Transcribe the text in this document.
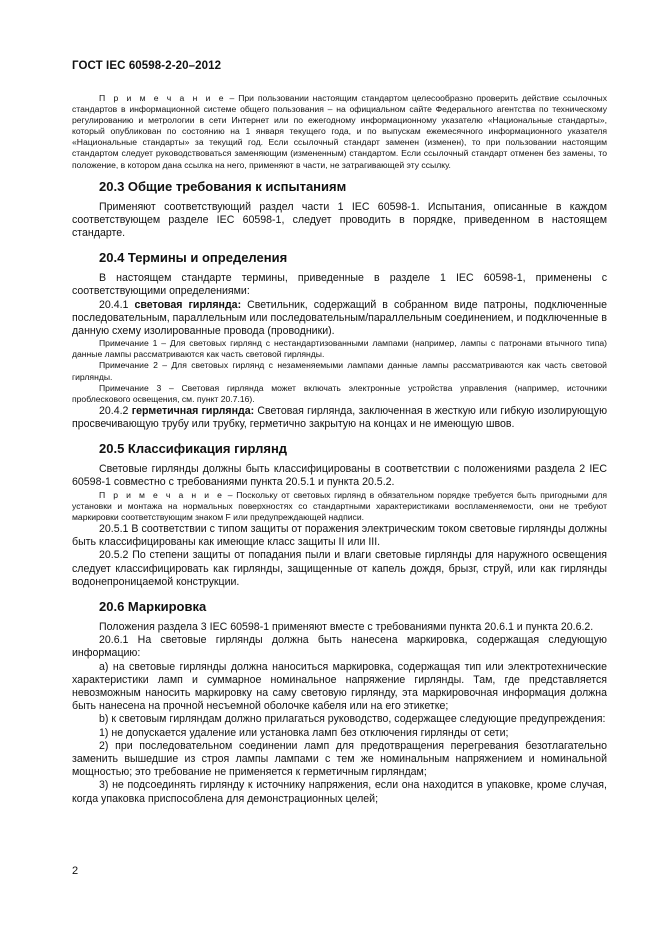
ГОСТ IEC 60598-2-20–2012

П р и м е ч а н и е – При пользовании настоящим стандартом целесообразно проверить действие ссылочных стандартов в информационной системе общего пользования – на официальном сайте Федерального агентства по техническому регулированию и метрологии в сети Интернет или по ежегодному информационному указателю «Национальные стандарты», который опубликован по состоянию на 1 января текущего года, и по выпускам ежемесячного информационного указателя «Национальные стандарты» за текущий год. Если ссылочный стандарт заменен (изменен), то при пользовании настоящим стандартом следует руководствоваться заменяющим (измененным) стандартом. Если ссылочный стандарт отменен без замены, то положение, в котором дана ссылка на него, применяют в части, не затрагивающей эту ссылку.

20.3 Общие требования к испытаниям

Применяют соответствующий раздел части 1 IEC 60598-1. Испытания, описанные в каждом соответствующем разделе IEC 60598-1, следует проводить в порядке, приведенном в настоящем стандарте.

20.4 Термины и определения

В настоящем стандарте термины, приведенные в разделе 1 IEC 60598-1, применены с соответствующими определениями:

20.4.1 световая гирлянда: Светильник, содержащий в собранном виде патроны, подключенные последовательным, параллельным или последовательным/параллельным соединением, и подключенные в данную схему изолированные провода (проводники).

Примечание 1 – Для световых гирлянд с нестандартизованными лампами (например, лампы с патронами втычного типа) данные лампы рассматриваются как часть световой гирлянды.

Примечание 2 – Для световых гирлянд с незаменяемыми лампами данные лампы рассматриваются как часть световой гирлянды.

Примечание 3 – Световая гирлянда может включать электронные устройства управления (например, источники проблескового освещения, см. пункт 20.7.16).

20.4.2 герметичная гирлянда: Световая гирлянда, заключенная в жесткую или гибкую изолирующую просвечивающую трубу или трубку, герметично закрытую на концах и не имеющую швов.

20.5 Классификация гирлянд

Световые гирлянды должны быть классифицированы в соответствии с положениями раздела 2 IEC 60598-1 совместно с требованиями пункта 20.5.1 и пункта 20.5.2.

П р и м е ч а н и е – Поскольку от световых гирлянд в обязательном порядке требуется быть пригодными для установки и монтажа на нормальных поверхностях со стандартными характеристиками воспламеняемости, они не требуют маркировки соответствующим знаком F или предупреждающей надписи.

20.5.1 В соответствии с типом защиты от поражения электрическим током световые гирлянды должны быть классифицированы как имеющие класс защиты II или III.

20.5.2 По степени защиты от попадания пыли и влаги световые гирлянды для наружного освещения следует классифицировать как гирлянды, защищенные от капель дождя, брызг, струй, или как гирлянды водонепроницаемой конструкции.

20.6 Маркировка

Положения раздела 3 IEC 60598-1 применяют вместе с требованиями пункта 20.6.1 и пункта 20.6.2.

20.6.1 На световые гирлянды должна быть нанесена маркировка, содержащая следующую информацию:

а) на световые гирлянды должна наноситься маркировка, содержащая тип или электротехнические характеристики ламп и суммарное номинальное напряжение гирлянды. Там, где представляется невозможным наносить маркировку на саму световую гирлянду, эта маркировочная информация должна быть нанесена на прочной несъемной оболочке кабеля или на его этикетке;

b) к световым гирляндам должно прилагаться руководство, содержащее следующие предупреждения:

1) не допускается удаление или установка ламп без отключения гирлянды от сети;

2) при последовательном соединении ламп для предотвращения перегревания безотлагательно заменить вышедшие из строя лампы лампами с тем же номинальным напряжением и номинальной мощностью; это требование не применяется к герметичным гирляндам;

3) не подсоединять гирлянду к источнику напряжения, если она находится в упаковке, кроме случая, когда упаковка приспособлена для демонстрационных целей;

2
